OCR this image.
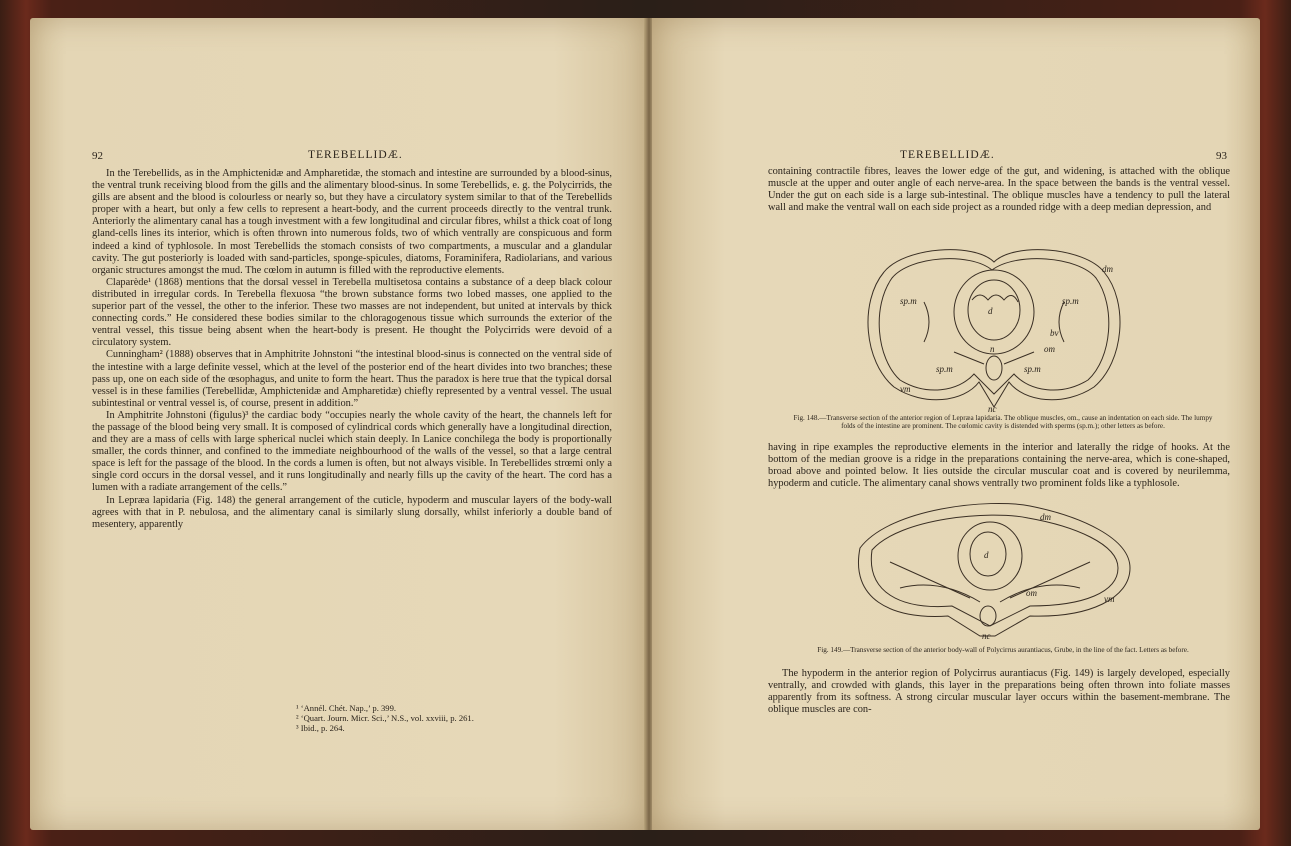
92	TEREBELLIDÆ.

In the Terebellids, as in the Amphictenidæ and Ampharetidæ, the stomach and intestine are surrounded by a blood-sinus, the ventral trunk receiving blood from the gills and the alimentary blood-sinus. In some Terebellids, e. g. the Polycirrids, the gills are absent and the blood is colourless or nearly so, but they have a circulatory system similar to that of the Terebellids proper with a heart, but only a few cells to represent a heart-body, and the current proceeds directly to the ventral trunk. Anteriorly the alimentary canal has a tough investment with a few longitudinal and circular fibres, whilst a thick coat of long gland-cells lines its interior, which is often thrown into numerous folds, two of which ventrally are conspicuous and form indeed a kind of typhlosole. In most Terebellids the stomach consists of two compartments, a muscular and a glandular cavity. The gut posteriorly is loaded with sand-particles, sponge-spicules, diatoms, Foraminifera, Radiolarians, and various organic structures amongst the mud. The cœlom in autumn is filled with the reproductive elements.

Claparède¹ (1868) mentions that the dorsal vessel in Terebella multisetosa contains a substance of a deep black colour distributed in irregular cords. In Terebella flexuosa “the brown substance forms two lobed masses, one applied to the superior part of the vessel, the other to the inferior. These two masses are not independent, but united at intervals by thick connecting cords.” He considered these bodies similar to the chloragogenous tissue which surrounds the exterior of the ventral vessel, this tissue being absent when the heart-body is present. He thought the Polycirrids were devoid of a circulatory system.

Cunningham² (1888) observes that in Amphitrite Johnstoni “the intestinal blood-sinus is connected on the ventral side of the intestine with a large definite vessel, which at the level of the posterior end of the heart divides into two branches; these pass up, one on each side of the œsophagus, and unite to form the heart. Thus the paradox is here true that the typical dorsal vessel is in these families (Terebellidæ, Amphictenidæ and Ampharetidæ) chiefly represented by a ventral vessel. The usual subintestinal or ventral vessel is, of course, present in addition.”

In Amphitrite Johnstoni (figulus)³ the cardiac body “occupies nearly the whole cavity of the heart, the channels left for the passage of the blood being very small. It is composed of cylindrical cords which generally have a longitudinal direction, and they are a mass of cells with large spherical nuclei which stain deeply. In Lanice conchilega the body is proportionally smaller, the cords thinner, and confined to the immediate neighbourhood of the walls of the vessel, so that a large central space is left for the passage of the blood. In the cords a lumen is often, but not always visible. In Terebellides strœmi only a single cord occurs in the dorsal vessel, and it runs longitudinally and nearly fills up the cavity of the heart. The cord has a lumen with a radiate arrangement of the cells.”

In Lepræa lapidaria (Fig. 148) the general arrangement of the cuticle, hypoderm and muscular layers of the body-wall agrees with that in P. nebulosa, and the alimentary canal is similarly slung dorsally, whilst inferiorly a double band of mesentery, apparently

¹ ‘Annél. Chét. Nap.,’ p. 399.
² ‘Quart. Journ. Micr. Sci.,’ N.S., vol. xxviii, p. 261.
³ Ibid., p. 264.
TEREBELLIDÆ.	93

containing contractile fibres, leaves the lower edge of the gut, and widening, is attached with the oblique muscle at the upper and outer angle of each nerve-area. In the space between the bands is the ventral vessel. Under the gut on each side is a large sub-intestinal. The oblique muscles have a tendency to pull the lateral wall and make the ventral wall on each side project as a rounded ridge with a deep median depression, and

dm
sp.m	sp.m
d
bv
om
n
sp.m	sp.m
vm
nc
Fig. 148.—Transverse section of the anterior region of Lepræa lapidaria. The oblique muscles, om., cause an indentation on each side. The lumpy folds of the intestine are prominent. The cœlomic cavity is distended with sperms (sp.m.); other letters as before.

having in ripe examples the reproductive elements in the interior and laterally the ridge of hooks. At the bottom of the median groove is a ridge in the preparations containing the nerve-area, which is cone-shaped, broad above and pointed below. It lies outside the circular muscular coat and is covered by neurilemma, hypoderm and cuticle. The alimentary canal shows ventrally two prominent folds like a typhlosole.

dm
d
om
vm
nc
Fig. 149.—Transverse section of the anterior body-wall of Polycirrus aurantiacus, Grube, in the line of the fact. Letters as before.

The hypoderm in the anterior region of Polycirrus aurantiacus (Fig. 149) is largely developed, especially ventrally, and crowded with glands, this layer in the preparations being often thrown into foliate masses apparently from its softness. A strong circular muscular layer occurs within the basement-membrane. The oblique muscles are con-
